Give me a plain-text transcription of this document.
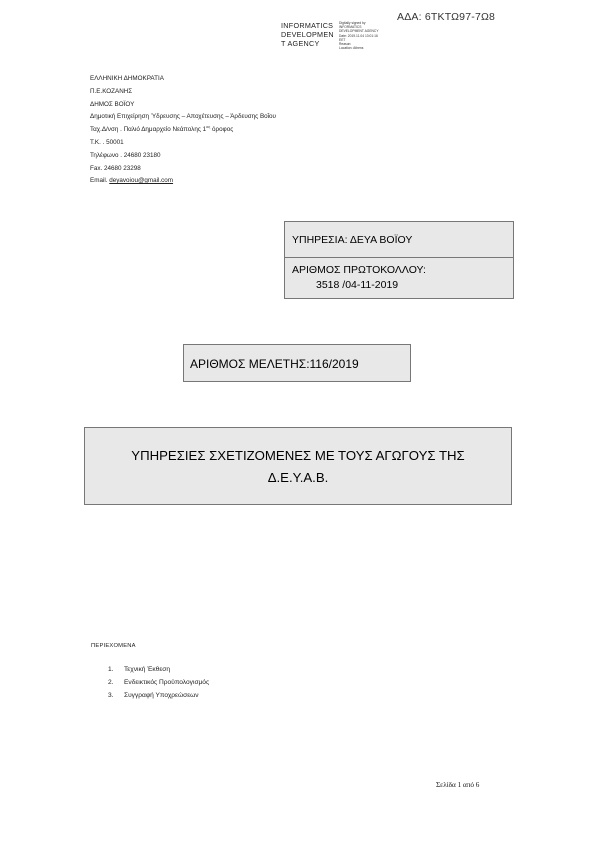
ΑΔΑ: 6ΤΚΤΩ97-7Ω8
INFORMATICS
DEVELOPMEN
T AGENCY
Digitally signed by
INFORMATICS
DEVELOPMENT AGENCY
Date: 2019.11.04 13:01:16
EET
Reason:
Location: Athens
ΕΛΛΗΝΙΚΗ ΔΗΜΟΚΡΑΤΙΑ
Π.Ε.ΚΟΖΑΝΗΣ
ΔΗΜΟΣ ΒΟΪΟΥ
Δημοτική Επιχείρηση Ύδρευσης – Αποχέτευσης – Άρδευσης Βοΐου
Ταχ.Δ/νση . Παλιό Δημαρχείο Νεάπολης $1^{o\varsigma}$ όροφος
Τ.Κ. . 50001
Τηλέφωνο . 24680 23180
Fax. 24680 23298
Email. deyavoiou@gmail.com
ΥΠΗΡΕΣΙΑ: ΔΕΥΑ ΒΟΪΟΥ
ΑΡΙΘΜΟΣ ΠΡΩΤΟΚΟΛΛΟΥ:
3518 /04-11-2019
ΑΡΙΘΜΟΣ ΜΕΛΕΤΗΣ:116/2019
ΥΠΗΡΕΣΙΕΣ ΣΧΕΤΙΖΟΜΕΝΕΣ ΜΕ ΤΟΥΣ ΑΓΩΓΟΥΣ ΤΗΣ
Δ.Ε.Υ.Α.Β.
ΠΕΡΙΕΧΟΜΕΝΑ
1. Τεχνική Έκθεση
2. Ενδεικτικός Προϋπολογισμός
3. Συγγραφή Υποχρεώσεων
Σελίδα 1 από 6
